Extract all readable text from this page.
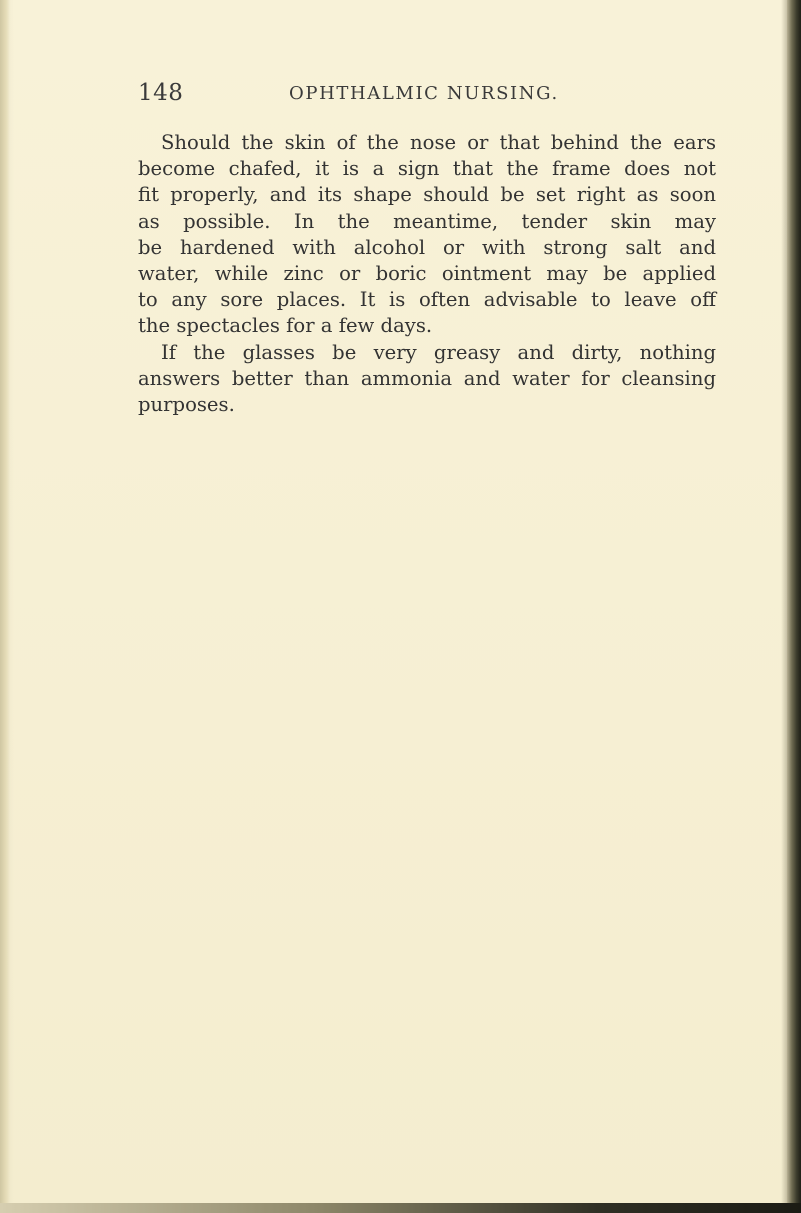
148	OPHTHALMIC NURSING.
Should the skin of the nose or that behind the ears
become chafed, it is a sign that the frame does not
fit properly, and its shape should be set right as soon
as possible. In the meantime, tender skin may
be hardened with alcohol or with strong salt and
water, while zinc or boric ointment may be applied
to any sore places. It is often advisable to leave off
the spectacles for a few days.
If the glasses be very greasy and dirty, nothing
answers better than ammonia and water for cleansing
purposes.
